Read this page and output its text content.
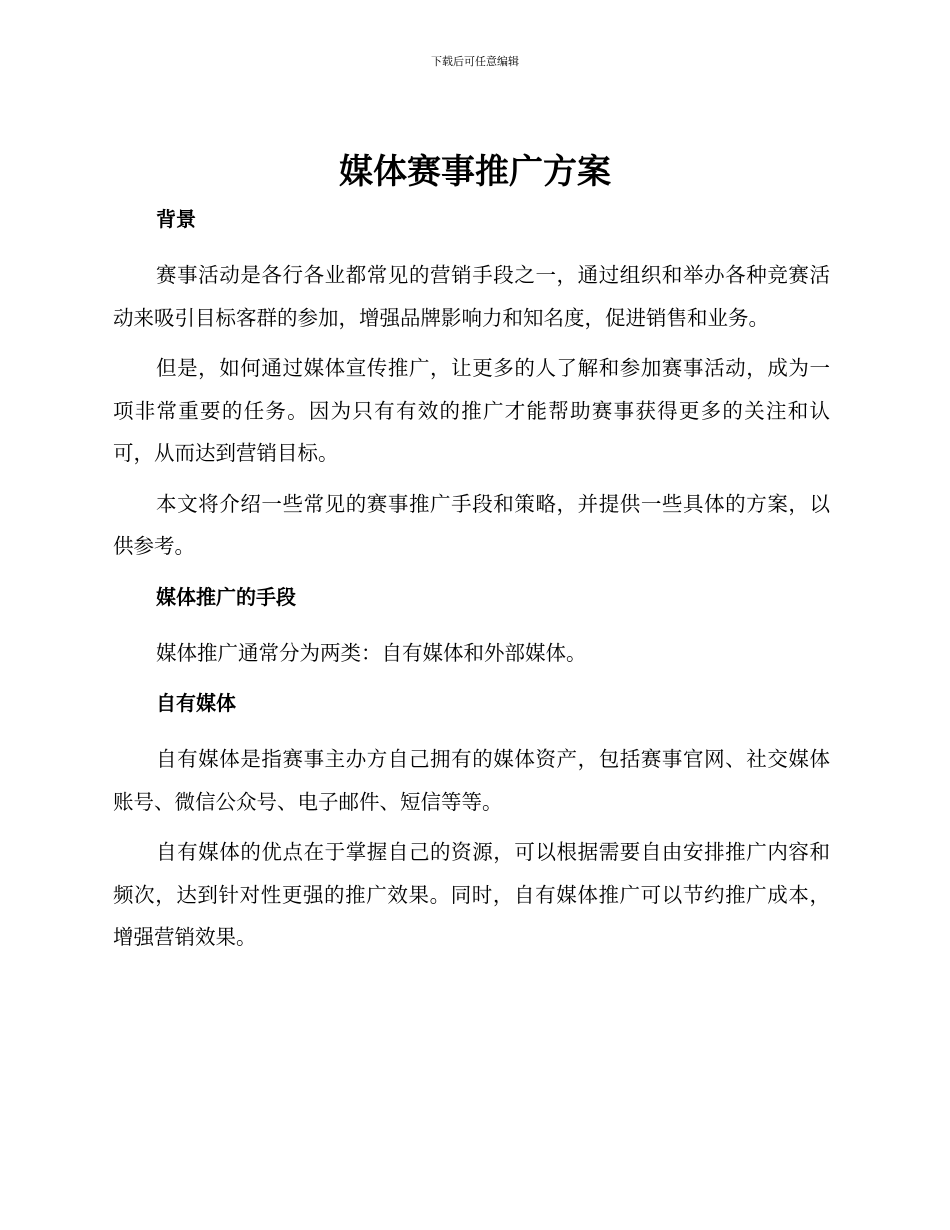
下载后可任意编辑
媒体赛事推广方案
背景

赛事活动是各行各业都常见的营销手段之一，通过组织和举办各种竞赛活动来吸引目标客群的参加，增强品牌影响力和知名度，促进销售和业务。

但是，如何通过媒体宣传推广，让更多的人了解和参加赛事活动，成为一项非常重要的任务。因为只有有效的推广才能帮助赛事获得更多的关注和认可，从而达到营销目标。

本文将介绍一些常见的赛事推广手段和策略，并提供一些具体的方案，以供参考。

媒体推广的手段

媒体推广通常分为两类：自有媒体和外部媒体。

自有媒体

自有媒体是指赛事主办方自己拥有的媒体资产，包括赛事官网、社交媒体账号、微信公众号、电子邮件、短信等等。

自有媒体的优点在于掌握自己的资源，可以根据需要自由安排推广内容和频次，达到针对性更强的推广效果。同时，自有媒体推广可以节约推广成本，增强营销效果。
